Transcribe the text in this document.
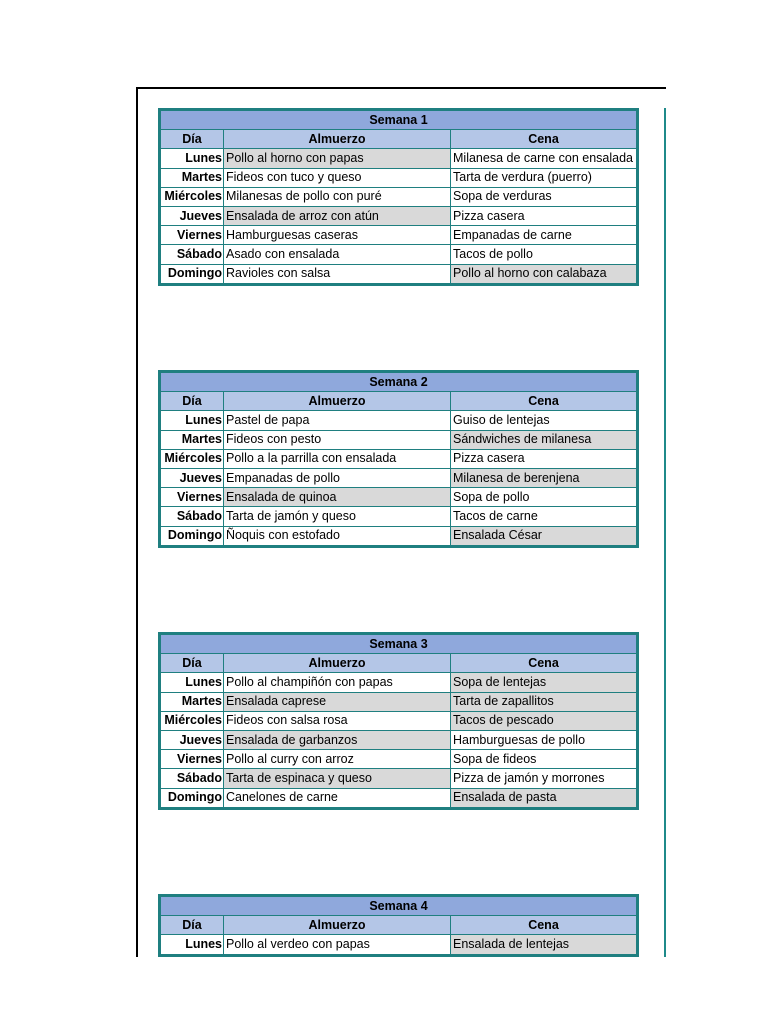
Semana 1		
Día	Almuerzo	Cena
Lunes	Pollo al horno con papas	Milanesa de carne con ensalada
Martes	Fideos con tuco y queso	Tarta de verdura (puerro)
Miércoles	Milanesas de pollo con puré	Sopa de verduras
Jueves	Ensalada de arroz con atún	Pizza casera
Viernes	Hamburguesas caseras	Empanadas de carne
Sábado	Asado con ensalada	Tacos de pollo
Domingo	Ravioles con salsa	Pollo al horno con calabaza
Semana 2		
Día	Almuerzo	Cena
Lunes	Pastel de papa	Guiso de lentejas
Martes	Fideos con pesto	Sándwiches de milanesa
Miércoles	Pollo a la parrilla con ensalada	Pizza casera
Jueves	Empanadas de pollo	Milanesa de berenjena
Viernes	Ensalada de quinoa	Sopa de pollo
Sábado	Tarta de jamón y queso	Tacos de carne
Domingo	Ñoquis con estofado	Ensalada César
Semana 3		
Día	Almuerzo	Cena
Lunes	Pollo al champiñón con papas	Sopa de lentejas
Martes	Ensalada caprese	Tarta de zapallitos
Miércoles	Fideos con salsa rosa	Tacos de pescado
Jueves	Ensalada de garbanzos	Hamburguesas de pollo
Viernes	Pollo al curry con arroz	Sopa de fideos
Sábado	Tarta de espinaca y queso	Pizza de jamón y morrones
Domingo	Canelones de carne	Ensalada de pasta
Semana 4		
Día	Almuerzo	Cena
Lunes	Pollo al verdeo con papas	Ensalada de lentejas
